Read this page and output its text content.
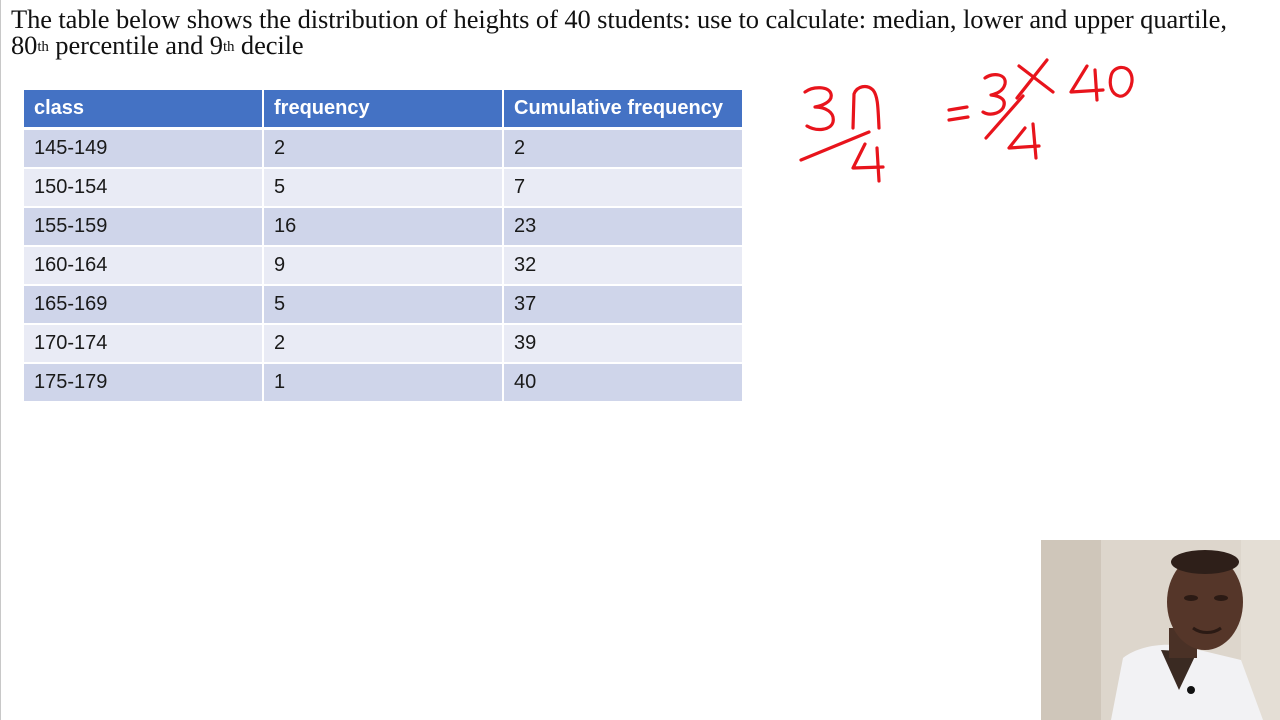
The table below shows the distribution of heights of 40 students: use to calculate: median, lower and upper quartile, 80th percentile and 9th decile
class	frequency	Cumulative frequency
145-149	2	2
150-154	5	7
155-159	16	23
160-164	9	32
165-169	5	37
170-174	2	39
175-179	1	40
